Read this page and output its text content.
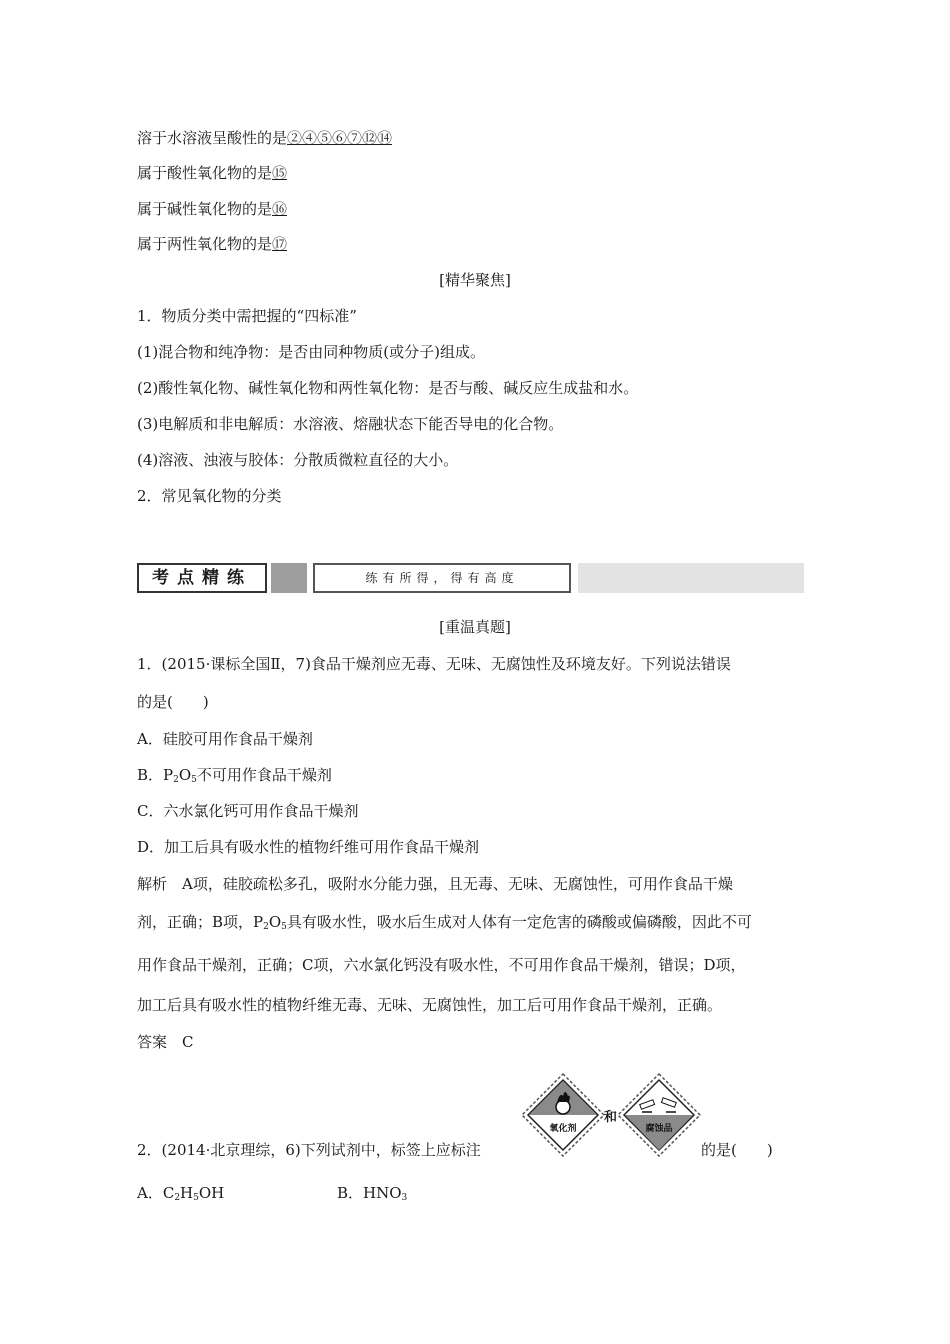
溶于水溶液呈酸性的是②④⑤⑥⑦⑫⑭
属于酸性氧化物的是⑮
属于碱性氧化物的是⑯
属于两性氧化物的是⑰
[精华聚焦]
1．物质分类中需把握的“四标准”
(1)混合物和纯净物：是否由同种物质(或分子)组成。
(2)酸性氧化物、碱性氧化物和两性氧化物：是否与酸、碱反应生成盐和水。
(3)电解质和非电解质：水溶液、熔融状态下能否导电的化合物。
(4)溶液、浊液与胶体：分散质微粒直径的大小。
2．常见氧化物的分类
考点精练	练有所得，得有高度
[重温真题]
1．(2015·课标全国Ⅱ，7)食品干燥剂应无毒、无味、无腐蚀性及环境友好。下列说法错误
的是(　　)
A．硅胶可用作食品干燥剂
B．$P_2O_5$不可用作食品干燥剂
C．六水氯化钙可用作食品干燥剂
D．加工后具有吸水性的植物纤维可用作食品干燥剂
解析　A项，硅胶疏松多孔，吸附水分能力强，且无毒、无味、无腐蚀性，可用作食品干燥
剂，正确；B项，$P_2O_5$具有吸水性，吸水后生成对人体有一定危害的磷酸或偏磷酸，因此不可
用作食品干燥剂，正确；C项，六水氯化钙没有吸水性，不可用作食品干燥剂，错误；D项，
加工后具有吸水性的植物纤维无毒、无味、无腐蚀性，加工后可用作食品干燥剂，正确。
答案　C
氧化剂
和
腐蚀品
2．(2014·北京理综，6)下列试剂中，标签上应标注	的是(　　)
A．$C_2H_5OH$	B．$HNO_3$
